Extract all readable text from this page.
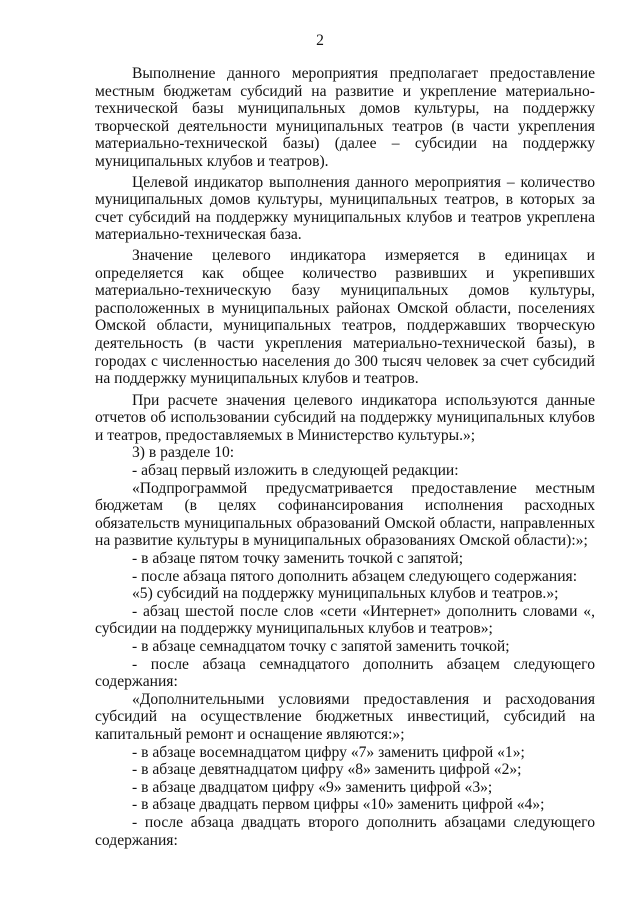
2

Выполнение данного мероприятия предполагает предоставление местным бюджетам субсидий на развитие и укрепление материально-технической базы муниципальных домов культуры, на поддержку творческой деятельности муниципальных театров (в части укрепления материально-технической базы) (далее – субсидии на поддержку муниципальных клубов и театров).

Целевой индикатор выполнения данного мероприятия – количество муниципальных домов культуры, муниципальных театров, в которых за счет субсидий на поддержку муниципальных клубов и театров укреплена материально-техническая база.

Значение целевого индикатора измеряется в единицах и определяется как общее количество развивших и укрепивших материально-техническую базу муниципальных домов культуры, расположенных в муниципальных районах Омской области, поселениях Омской области, муниципальных театров, поддержавших творческую деятельность (в части укрепления материально-технической базы), в городах с численностью населения до 300 тысяч человек за счет субсидий на поддержку муниципальных клубов и театров.

При расчете значения целевого индикатора используются данные отчетов об использовании субсидий на поддержку муниципальных клубов и театров, предоставляемых в Министерство культуры.»;

3) в разделе 10:

- абзац первый изложить в следующей редакции:

«Подпрограммой предусматривается предоставление местным бюджетам (в целях софинансирования исполнения расходных обязательств муниципальных образований Омской области, направленных на развитие культуры в муниципальных образованиях Омской области):»;

- в абзаце пятом точку заменить точкой с запятой;

- после абзаца пятого дополнить абзацем следующего содержания:

«5) субсидий на поддержку муниципальных клубов и театров.»;

- абзац шестой после слов «сети «Интернет» дополнить словами «, субсидии на поддержку муниципальных клубов и театров»;

- в абзаце семнадцатом точку с запятой заменить точкой;

- после абзаца семнадцатого дополнить абзацем следующего содержания:

«Дополнительными условиями предоставления и расходования субсидий на осуществление бюджетных инвестиций, субсидий на капитальный ремонт и оснащение являются:»;

- в абзаце восемнадцатом цифру «7» заменить цифрой «1»;

- в абзаце девятнадцатом цифру «8» заменить цифрой «2»;

- в абзаце двадцатом цифру «9» заменить цифрой «3»;

- в абзаце двадцать первом цифры «10» заменить цифрой «4»;

- после абзаца двадцать второго дополнить абзацами следующего содержания:
